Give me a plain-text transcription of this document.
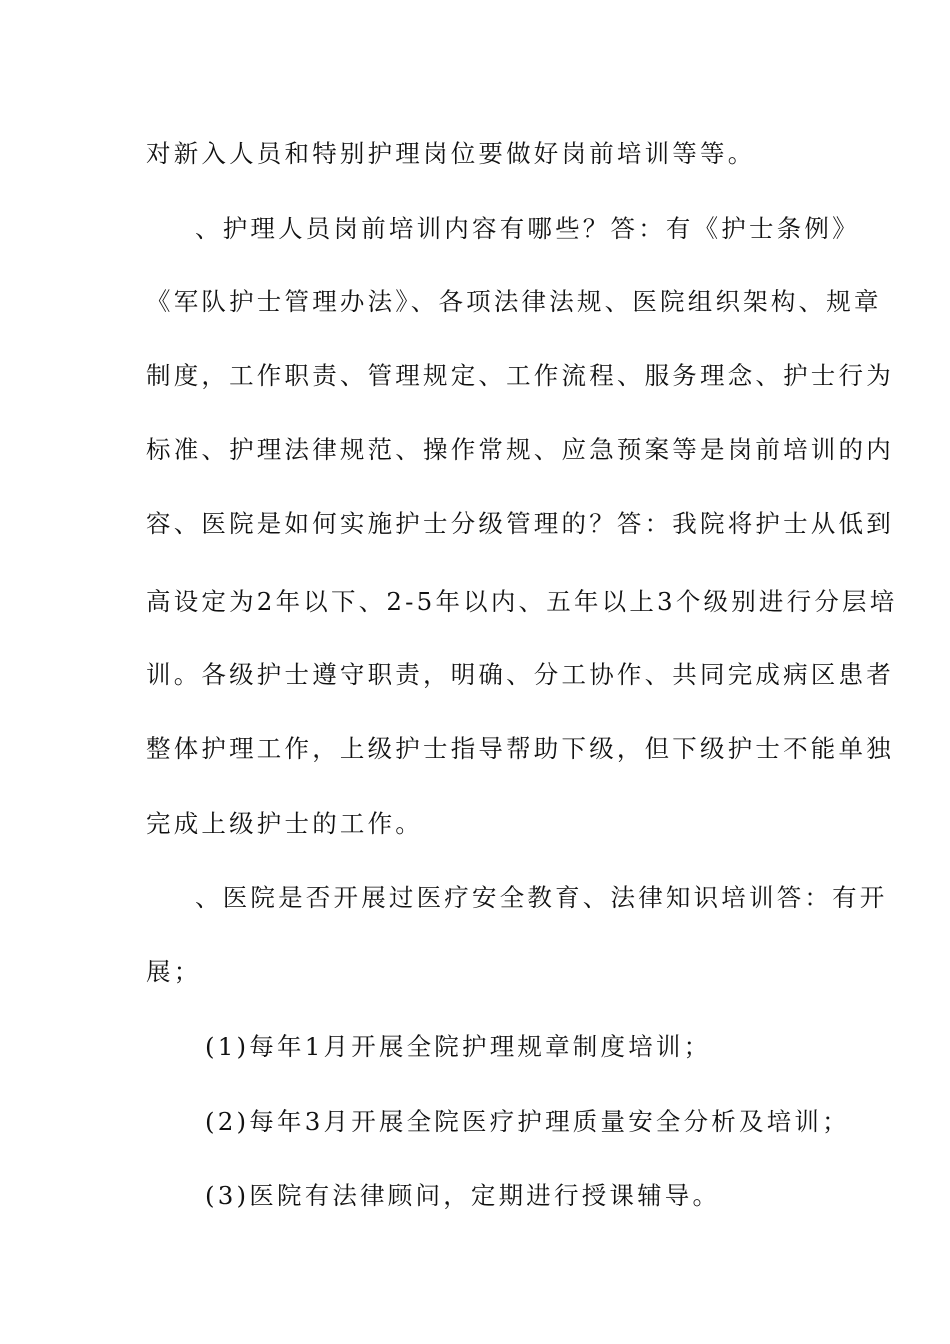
对新入人员和特别护理岗位要做好岗前培训等等。
、护理人员岗前培训内容有哪些？答：有《护士条例》
《军队护士管理办法》、各项法律法规、医院组织架构、规章
制度，工作职责、管理规定、工作流程、服务理念、护士行为
标准、护理法律规范、操作常规、应急预案等是岗前培训的内
容、医院是如何实施护士分级管理的？答：我院将护士从低到
高设定为2年以下、2-5年以内、五年以上3个级别进行分层培
训。各级护士遵守职责，明确、分工协作、共同完成病区患者
整体护理工作，上级护士指导帮助下级，但下级护士不能单独
完成上级护士的工作。
、医院是否开展过医疗安全教育、法律知识培训答：有开
展；
(1)每年1月开展全院护理规章制度培训；
(2)每年3月开展全院医疗护理质量安全分析及培训；
(3)医院有法律顾问，定期进行授课辅导。
